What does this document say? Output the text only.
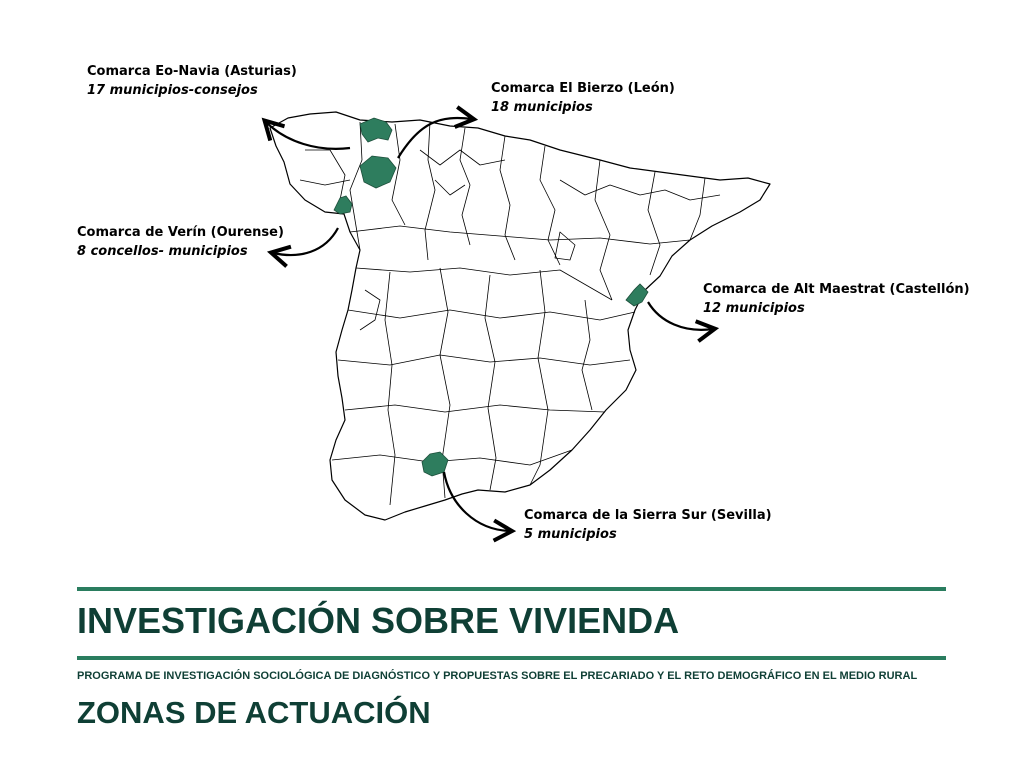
Comarca Eo-Navia (Asturias)
17 municipios-consejos	Comarca El Bierzo (León)
18 municipios
Comarca de Verín (Ourense)
8 concellos- municipios
Comarca de Alt Maestrat (Castellón)
12 municipios
Comarca de la Sierra Sur (Sevilla)
5 municipios
INVESTIGACIÓN SOBRE VIVIENDA
PROGRAMA DE INVESTIGACIÓN SOCIOLÓGICA DE DIAGNÓSTICO Y PROPUESTAS SOBRE EL PRECARIADO Y EL RETO DEMOGRÁFICO EN EL MEDIO RURAL
ZONAS DE ACTUACIÓN
